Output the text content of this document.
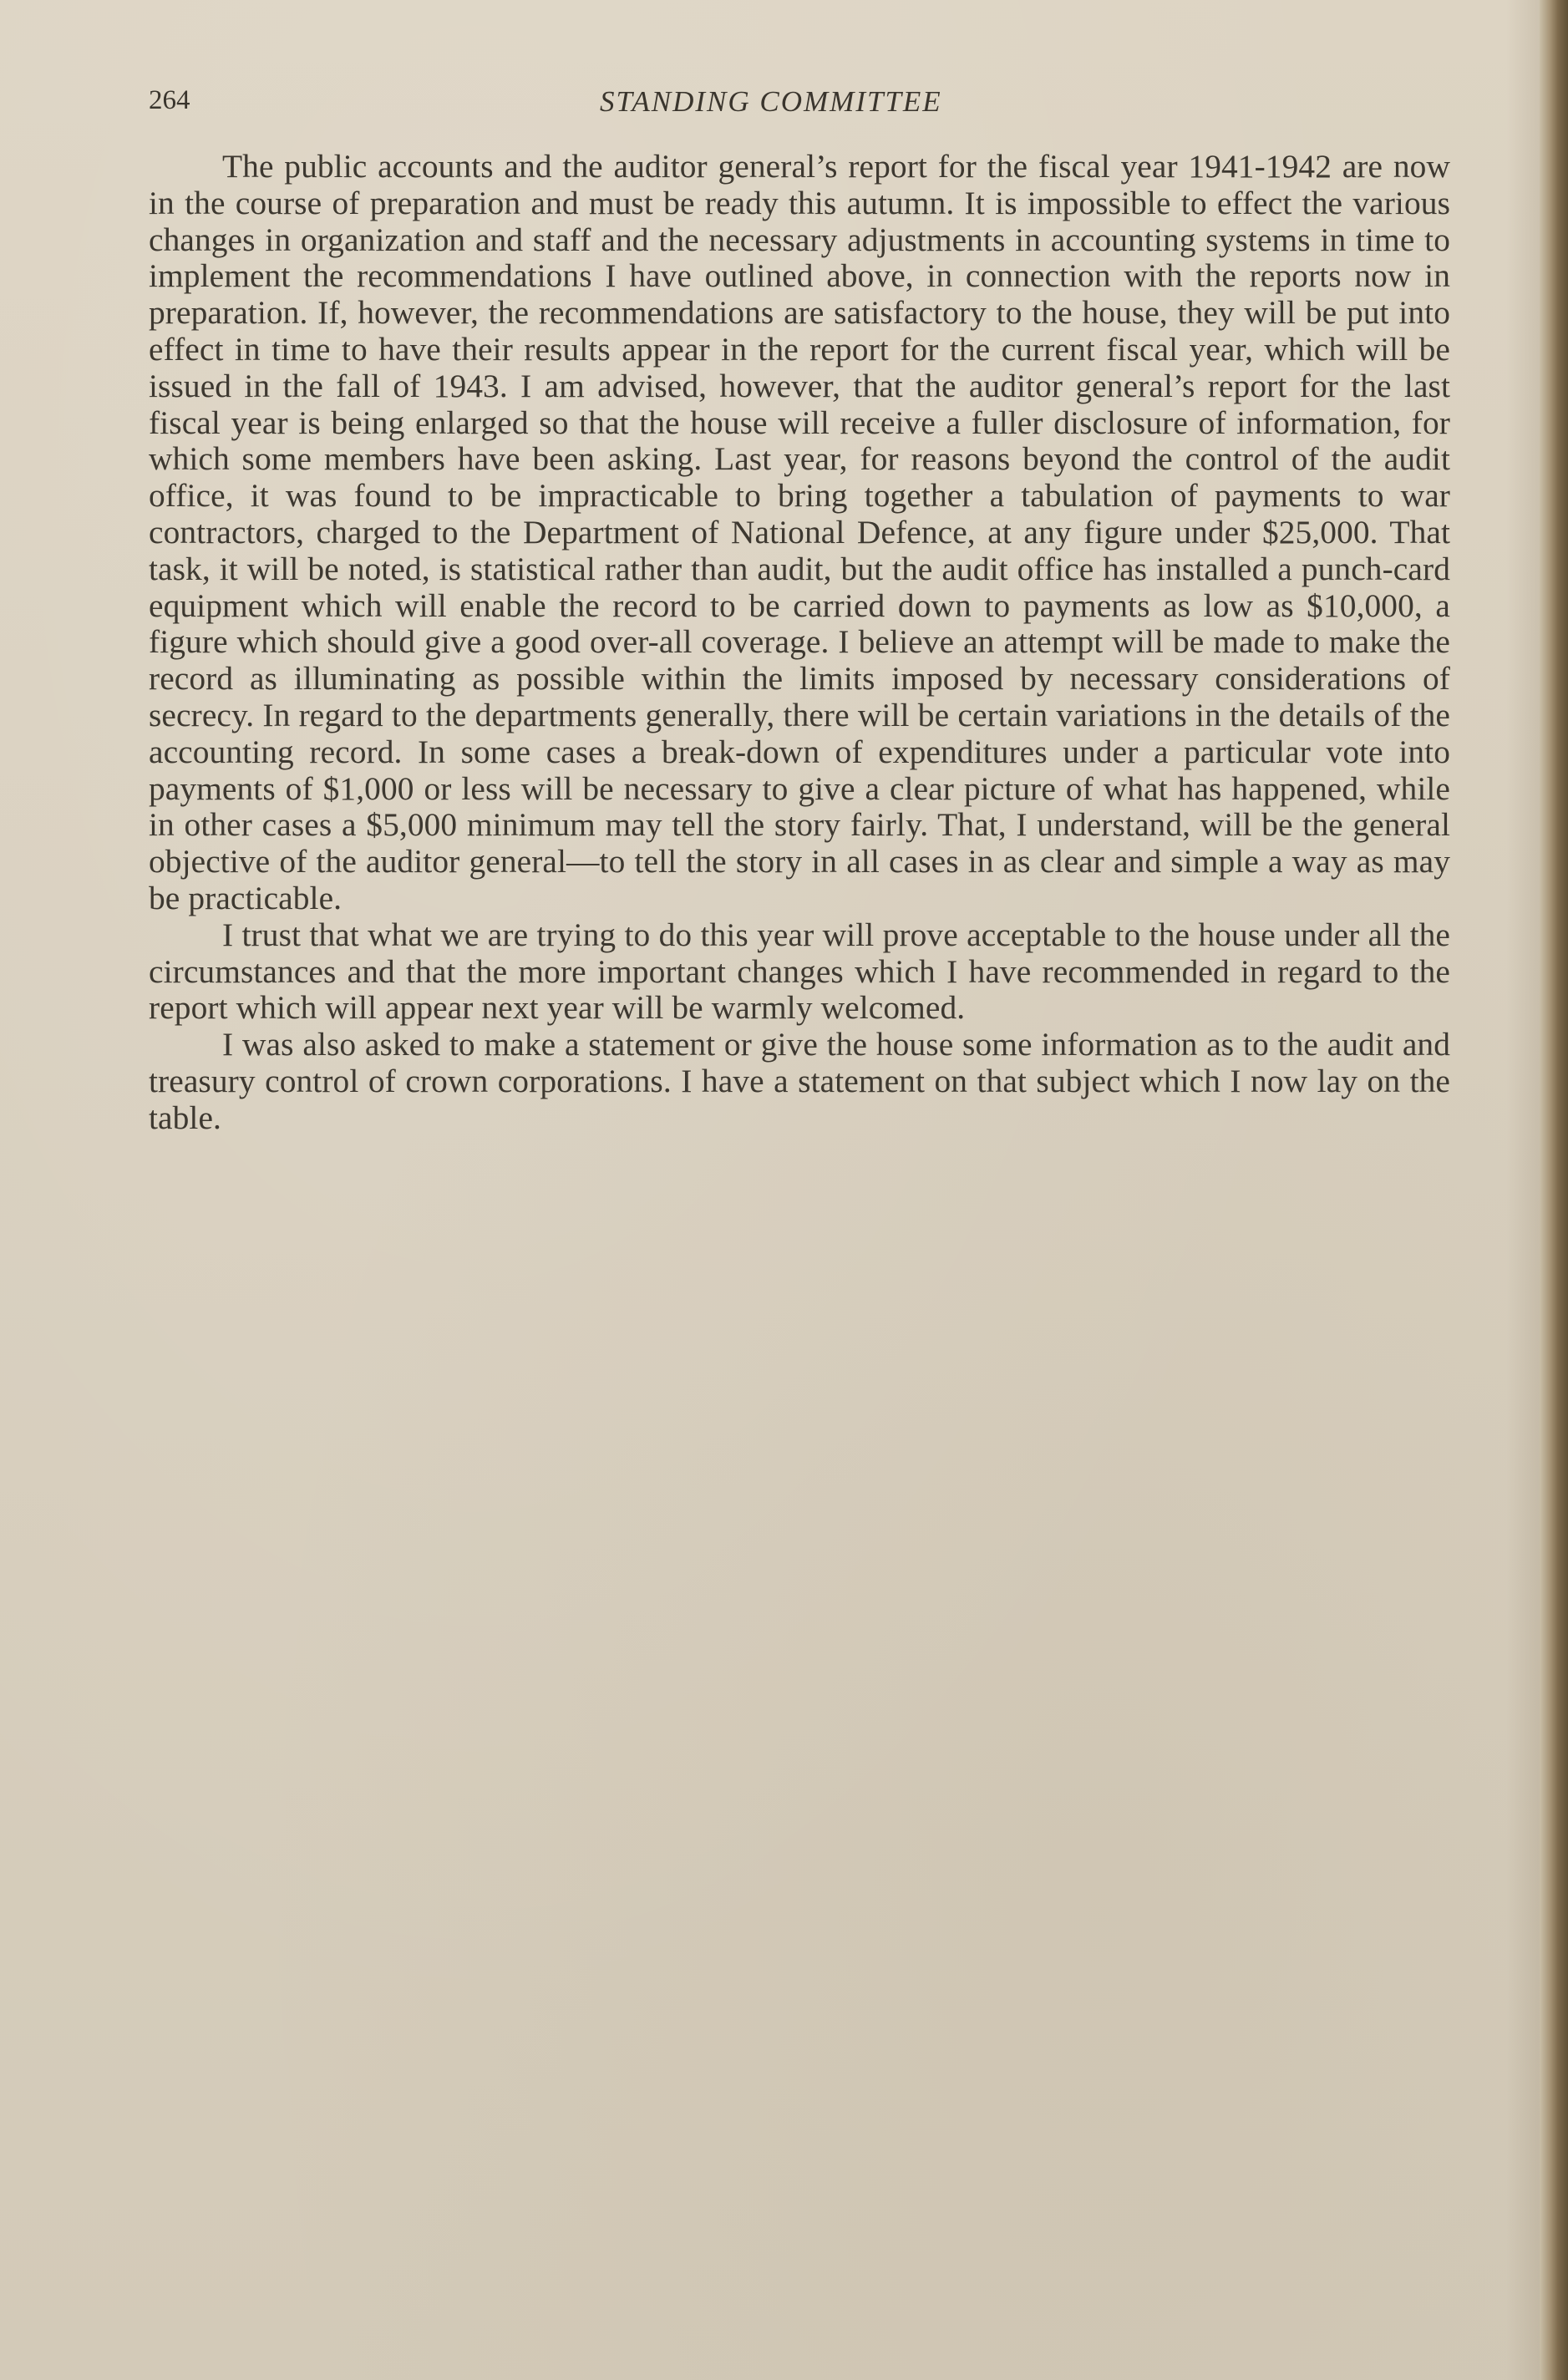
264	STANDING COMMITTEE

The public accounts and the auditor general’s report for the fiscal year 1941-1942 are now in the course of preparation and must be ready this autumn. It is impossible to effect the various changes in organization and staff and the necessary adjustments in accounting systems in time to implement the recommendations I have outlined above, in connection with the reports now in preparation. If, however, the recommendations are satisfactory to the house, they will be put into effect in time to have their results appear in the report for the current fiscal year, which will be issued in the fall of 1943. I am advised, however, that the auditor general’s report for the last fiscal year is being enlarged so that the house will receive a fuller disclosure of information, for which some members have been asking. Last year, for reasons beyond the control of the audit office, it was found to be impracticable to bring together a tabulation of payments to war contractors, charged to the Department of National Defence, at any figure under $25,000. That task, it will be noted, is statistical rather than audit, but the audit office has installed a punch-card equipment which will enable the record to be carried down to payments as low as $10,000, a figure which should give a good over-all coverage. I believe an attempt will be made to make the record as illuminating as possible within the limits imposed by necessary considerations of secrecy. In regard to the departments generally, there will be certain variations in the details of the accounting record. In some cases a break-down of expenditures under a particular vote into payments of $1,000 or less will be necessary to give a clear picture of what has happened, while in other cases a $5,000 minimum may tell the story fairly. That, I understand, will be the general objective of the auditor general—to tell the story in all cases in as clear and simple a way as may be practicable.

I trust that what we are trying to do this year will prove acceptable to the house under all the circumstances and that the more important changes which I have recommended in regard to the report which will appear next year will be warmly welcomed.

I was also asked to make a statement or give the house some information as to the audit and treasury control of crown corporations. I have a statement on that subject which I now lay on the table.
